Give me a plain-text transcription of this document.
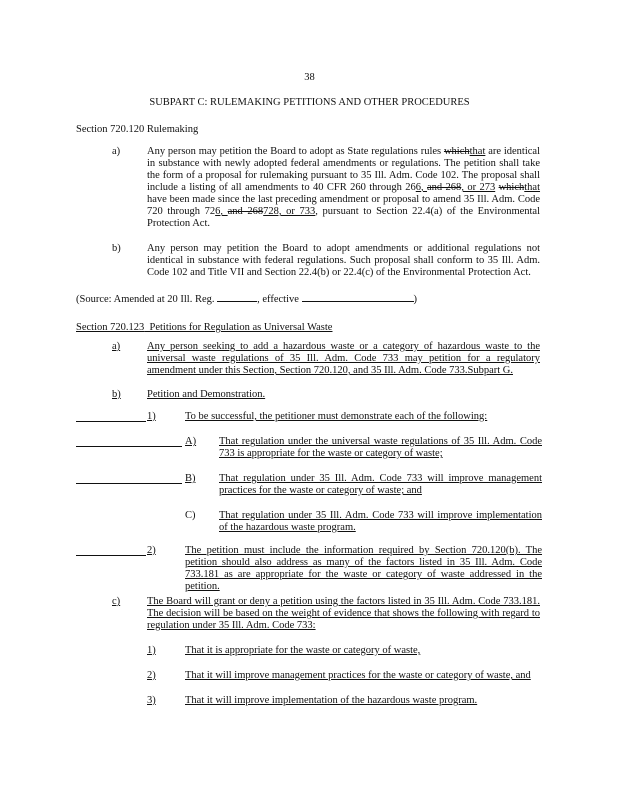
38
SUBPART C: RULEMAKING PETITIONS AND OTHER PROCEDURES
Section 720.120 Rulemaking
a)	Any person may petition the Board to adopt as State regulations rules whichthat are identical in substance with newly adopted federal amendments or regulations. The petition shall take the form of a proposal for rulemaking pursuant to 35 Ill. Adm. Code 102. The proposal shall include a listing of all amendments to 40 CFR 260 through 266, and 268, or 273 whichthat have been made since the last preceding amendment or proposal to amend 35 Ill. Adm. Code 720 through 726, and 268728, or 733, pursuant to Section 22.4(a) of the Environmental Protection Act.
b)	Any person may petition the Board to adopt amendments or additional regulations not identical in substance with federal regulations. Such proposal shall conform to 35 Ill. Adm. Code 102 and Title VII and Section 22.4(b) or 22.4(c) of the Environmental Protection Act.
(Source: Amended at 20 Ill. Reg.	, effective	)
Section 720.123 Petitions for Regulation as Universal Waste
a)	Any person seeking to add a hazardous waste or a category of hazardous waste to the universal waste regulations of 35 Ill. Adm. Code 733 may petition for a regulatory amendment under this Section, Section 720.120, and 35 Ill. Adm. Code 733.Subpart G.
b)	Petition and Demonstration.
1)	To be successful, the petitioner must demonstrate each of the following:
A) That regulation under the universal waste regulations of 35 Ill. Adm. Code 733 is appropriate for the waste or category of waste;
B) That regulation under 35 Ill. Adm. Code 733 will improve management practices for the waste or category of waste; and
C) That regulation under 35 Ill. Adm. Code 733 will improve implementation of the hazardous waste program.
2)	The petition must include the information required by Section 720.120(b). The petition should also address as many of the factors listed in 35 Ill. Adm. Code 733.181 as are appropriate for the waste or category of waste addressed in the petition.
c)	The Board will grant or deny a petition using the factors listed in 35 Ill. Adm. Code 733.181. The decision will be based on the weight of evidence that shows the following with regard to regulation under 35 Ill. Adm. Code 733:
1)	That it is appropriate for the waste or category of waste,
2)	That it will improve management practices for the waste or category of waste, and
3)	That it will improve implementation of the hazardous waste program.
